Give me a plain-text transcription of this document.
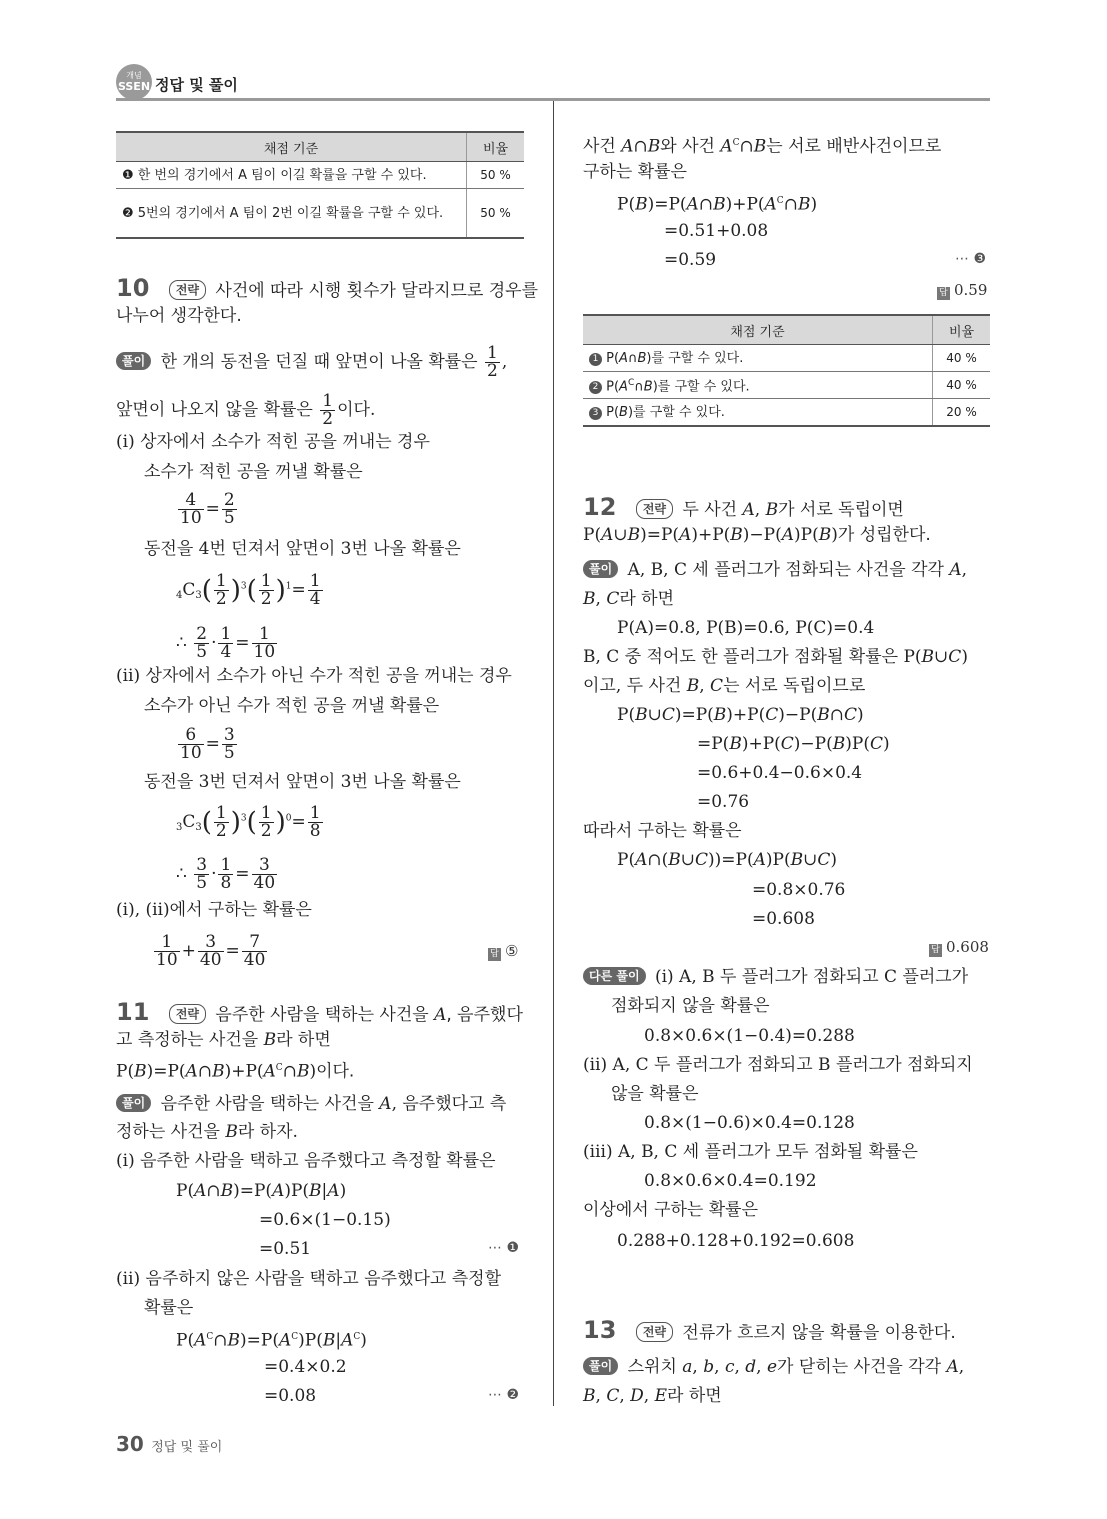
개념
SSEN 정답 및 풀이
채점 기준	비율
❶ 한 번의 경기에서 A 팀이 이길 확률을 구할 수 있다.	50 %
❷ 5번의 경기에서 A 팀이 2번 이길 확률을 구할 수 있다.	50 %
10 전략 사건에 따라 시행 횟수가 달라지므로 경우를
나누어 생각한다.
풀이 한 개의 동전을 던질 때 앞면이 나올 확률은 $\frac{1}{2}$ ,
앞면이 나오지 않을 확률은 $\frac{1}{2}$ 이다.
(ⅰ) 상자에서 소수가 적힌 공을 꺼내는 경우
소수가 적힌 공을 꺼낼 확률은
$\frac{4}{10} = \frac{2}{5}$
동전을 4번 던져서 앞면이 3번 나올 확률은
$4C3( \frac{1}{2} )^3( \frac{1}{2} )^1= \frac{1}{4}$
∴ $\frac{2}{5} \cdot \frac{1}{4} = \frac{1}{10}$
(ⅱ) 상자에서 소수가 아닌 수가 적힌 공을 꺼내는 경우
소수가 아닌 수가 적힌 공을 꺼낼 확률은
$\frac{6}{10} = \frac{3}{5}$
동전을 3번 던져서 앞면이 3번 나올 확률은
$3C3( \frac{1}{2} )^3( \frac{1}{2} )^0= \frac{1}{8}$
∴ $\frac{3}{5} \cdot \frac{1}{8} = \frac{3}{40}$
(ⅰ), (ⅱ)에서 구하는 확률은
$\frac{1}{10} + \frac{3}{40} = \frac{7}{40}$	답 ⑤
11 전략 음주한 사람을 택하는 사건을 A, 음주했다
고 측정하는 사건을 B라 하면
$P(B)=P(A\cap B)+P(A^C\cap B)$이다.
풀이 음주한 사람을 택하는 사건을 A, 음주했다고 측
정하는 사건을 B라 하자.
(ⅰ) 음주한 사람을 택하고 음주했다고 측정할 확률은
P(A∩B)=P(A)P(B|A)
=0.6×(1−0.15)
=0.51	⋯ ❶
(ⅱ) 음주하지 않은 사람을 택하고 음주했다고 측정할
확률은
$P(A^C\cap B)=P(A^C)P(B|A^C)$
=0.4×0.2
=0.08	⋯ ❷
사건 A∩B와 사건 $A^C\cap B$는 서로 배반사건이므로
구하는 확률은
$P(B)=P(A\cap B)+P(A^C\cap B)$
=0.51+0.08
=0.59	⋯ ❸
답 0.59
채점 기준	비율
1 P(A∩B)를 구할 수 있다.	40 %
2 $P(A^C\cap B)$를 구할 수 있다.	40 %
3 P(B)를 구할 수 있다.	20 %
12 전략 두 사건 A, B가 서로 독립이면
P(A∪B)=P(A)+P(B)−P(A)P(B)가 성립한다.
풀이 A, B, C 세 플러그가 점화되는 사건을 각각 A,
B, C라 하면
P(A)=0.8, P(B)=0.6, P(C)=0.4
B, C 중 적어도 한 플러그가 점화될 확률은 P(B∪C)
이고, 두 사건 B, C는 서로 독립이므로
P(B∪C)=P(B)+P(C)−P(B∩C)
=P(B)+P(C)−P(B)P(C)
=0.6+0.4−0.6×0.4
=0.76
따라서 구하는 확률은
P(A∩(B∪C))=P(A)P(B∪C)
=0.8×0.76
=0.608
답 0.608
다른 풀이 (ⅰ) A, B 두 플러그가 점화되고 C 플러그가
점화되지 않을 확률은
0.8×0.6×(1−0.4)=0.288
(ⅱ) A, C 두 플러그가 점화되고 B 플러그가 점화되지
않을 확률은
0.8×(1−0.6)×0.4=0.128
(ⅲ) A, B, C 세 플러그가 모두 점화될 확률은
0.8×0.6×0.4=0.192
이상에서 구하는 확률은
0.288+0.128+0.192=0.608
13 전략 전류가 흐르지 않을 확률을 이용한다.
풀이 스위치 a, b, c, d, e가 닫히는 사건을 각각 A,
B, C, D, E라 하면
30 정답 및 풀이
